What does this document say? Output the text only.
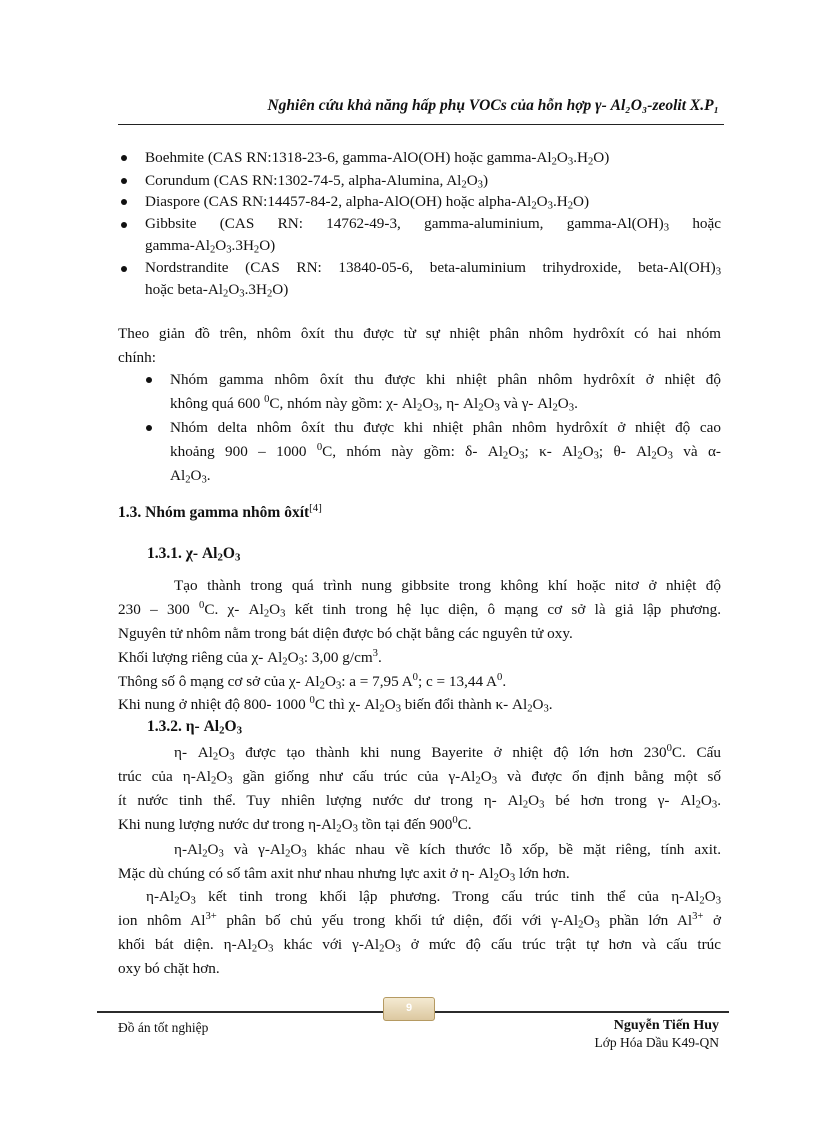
Nghiên cứu khả năng hấp phụ VOCs của hỗn hợp γ- Al₂O₃-zeolit X.P₁
Boehmite (CAS RN:1318-23-6, gamma-AlO(OH) hoặc gamma-$Al_2O_3.H_2O$)
Corundum (CAS RN:1302-74-5, alpha-Alumina, $Al_2O_3$)
Diaspore (CAS RN:14457-84-2, alpha-AlO(OH) hoặc alpha-$Al_2O_3.H_2O$)
Gibbsite (CAS RN: 14762-49-3, gamma-aluminium, gamma-$Al(OH)_3$ hoặc
gamma-$Al_2O_3.3H_2O$)
Nordstrandite (CAS RN: 13840-05-6, beta-aluminium trihydroxide, beta-$Al(OH)_3$
hoặc beta-$Al_2O_3.3H_2O$)
Theo giản đồ trên, nhôm ôxít thu được từ sự nhiệt phân nhôm hydrôxít có hai nhóm
chính:
Nhóm gamma nhôm ôxít thu được khi nhiệt phân nhôm hydrôxít ở nhiệt độ
không quá 600 $^0$C, nhóm này gồm: χ- $Al_2O_3$, η- $Al_2O_3$ và γ- $Al_2O_3$.
Nhóm delta nhôm ôxít thu được khi nhiệt phân nhôm hydrôxít ở nhiệt độ cao
khoảng 900 – 1000 $^0$C, nhóm này gồm: δ- $Al_2O_3$; κ- $Al_2O_3$; θ- $Al_2O_3$ và α-
$Al_2O_3$.
1.3. Nhóm gamma nhôm ôxít[4]
1.3.1. χ- $Al_2O_3$
Tạo thành trong quá trình nung gibbsite trong không khí hoặc nitơ ở nhiệt độ
230 – 300 $^0$C. χ- $Al_2O_3$ kết tinh trong hệ lục diện, ô mạng cơ sở là giả lập phương.
Nguyên tử nhôm nằm trong bát diện được bó chặt bằng các nguyên tử oxy.
Khối lượng riêng của χ- $Al_2O_3$: 3,00 $g/cm^3$.
Thông số ô mạng cơ sở của χ- $Al_2O_3$: a = 7,95 $A^0$; c = 13,44 $A^0$.
Khi nung ở nhiệt độ 800- 1000 $^0$C thì χ- $Al_2O_3$ biến đổi thành κ- $Al_2O_3$.
1.3.2. η- $Al_2O_3$
η- $Al_2O_3$ được tạo thành khi nung Bayerite ở nhiệt độ lớn hơn $230^0C$. Cấu
trúc của $\eta-Al_2O_3$ gần giống như cấu trúc của $\gamma-Al_2O_3$ và được ổn định bằng một số
ít nước tinh thể. Tuy nhiên lượng nước dư trong η- $Al_2O_3$ bé hơn trong γ- $Al_2O_3$.
Khi nung lượng nước dư trong $\eta-Al_2O_3$ tồn tại đến $900^0C$.
$\eta-Al_2O_3$ và $\gamma-Al_2O_3$ khác nhau về kích thước lỗ xốp, bề mặt riêng, tính axit.
Mặc dù chúng có số tâm axit như nhau nhưng lực axit ở η- $Al_2O_3$ lớn hơn.
$\eta-Al_2O_3$ kết tinh trong khối lập phương. Trong cấu trúc tinh thể của $\eta-Al_2O_3$
ion nhôm $Al^{3+}$ phân bố chủ yếu trong khối tứ diện, đối với $\gamma-Al_2O_3$ phần lớn $Al^{3+}$ ở
khối bát diện. $\eta-Al_2O_3$ khác với $\gamma-Al_2O_3$ ở mức độ cấu trúc trật tự hơn và cấu trúc
oxy bó chặt hơn.
9
Đồ án tốt nghiệp	Nguyễn Tiến Huy
Lớp Hóa Dầu K49-QN
